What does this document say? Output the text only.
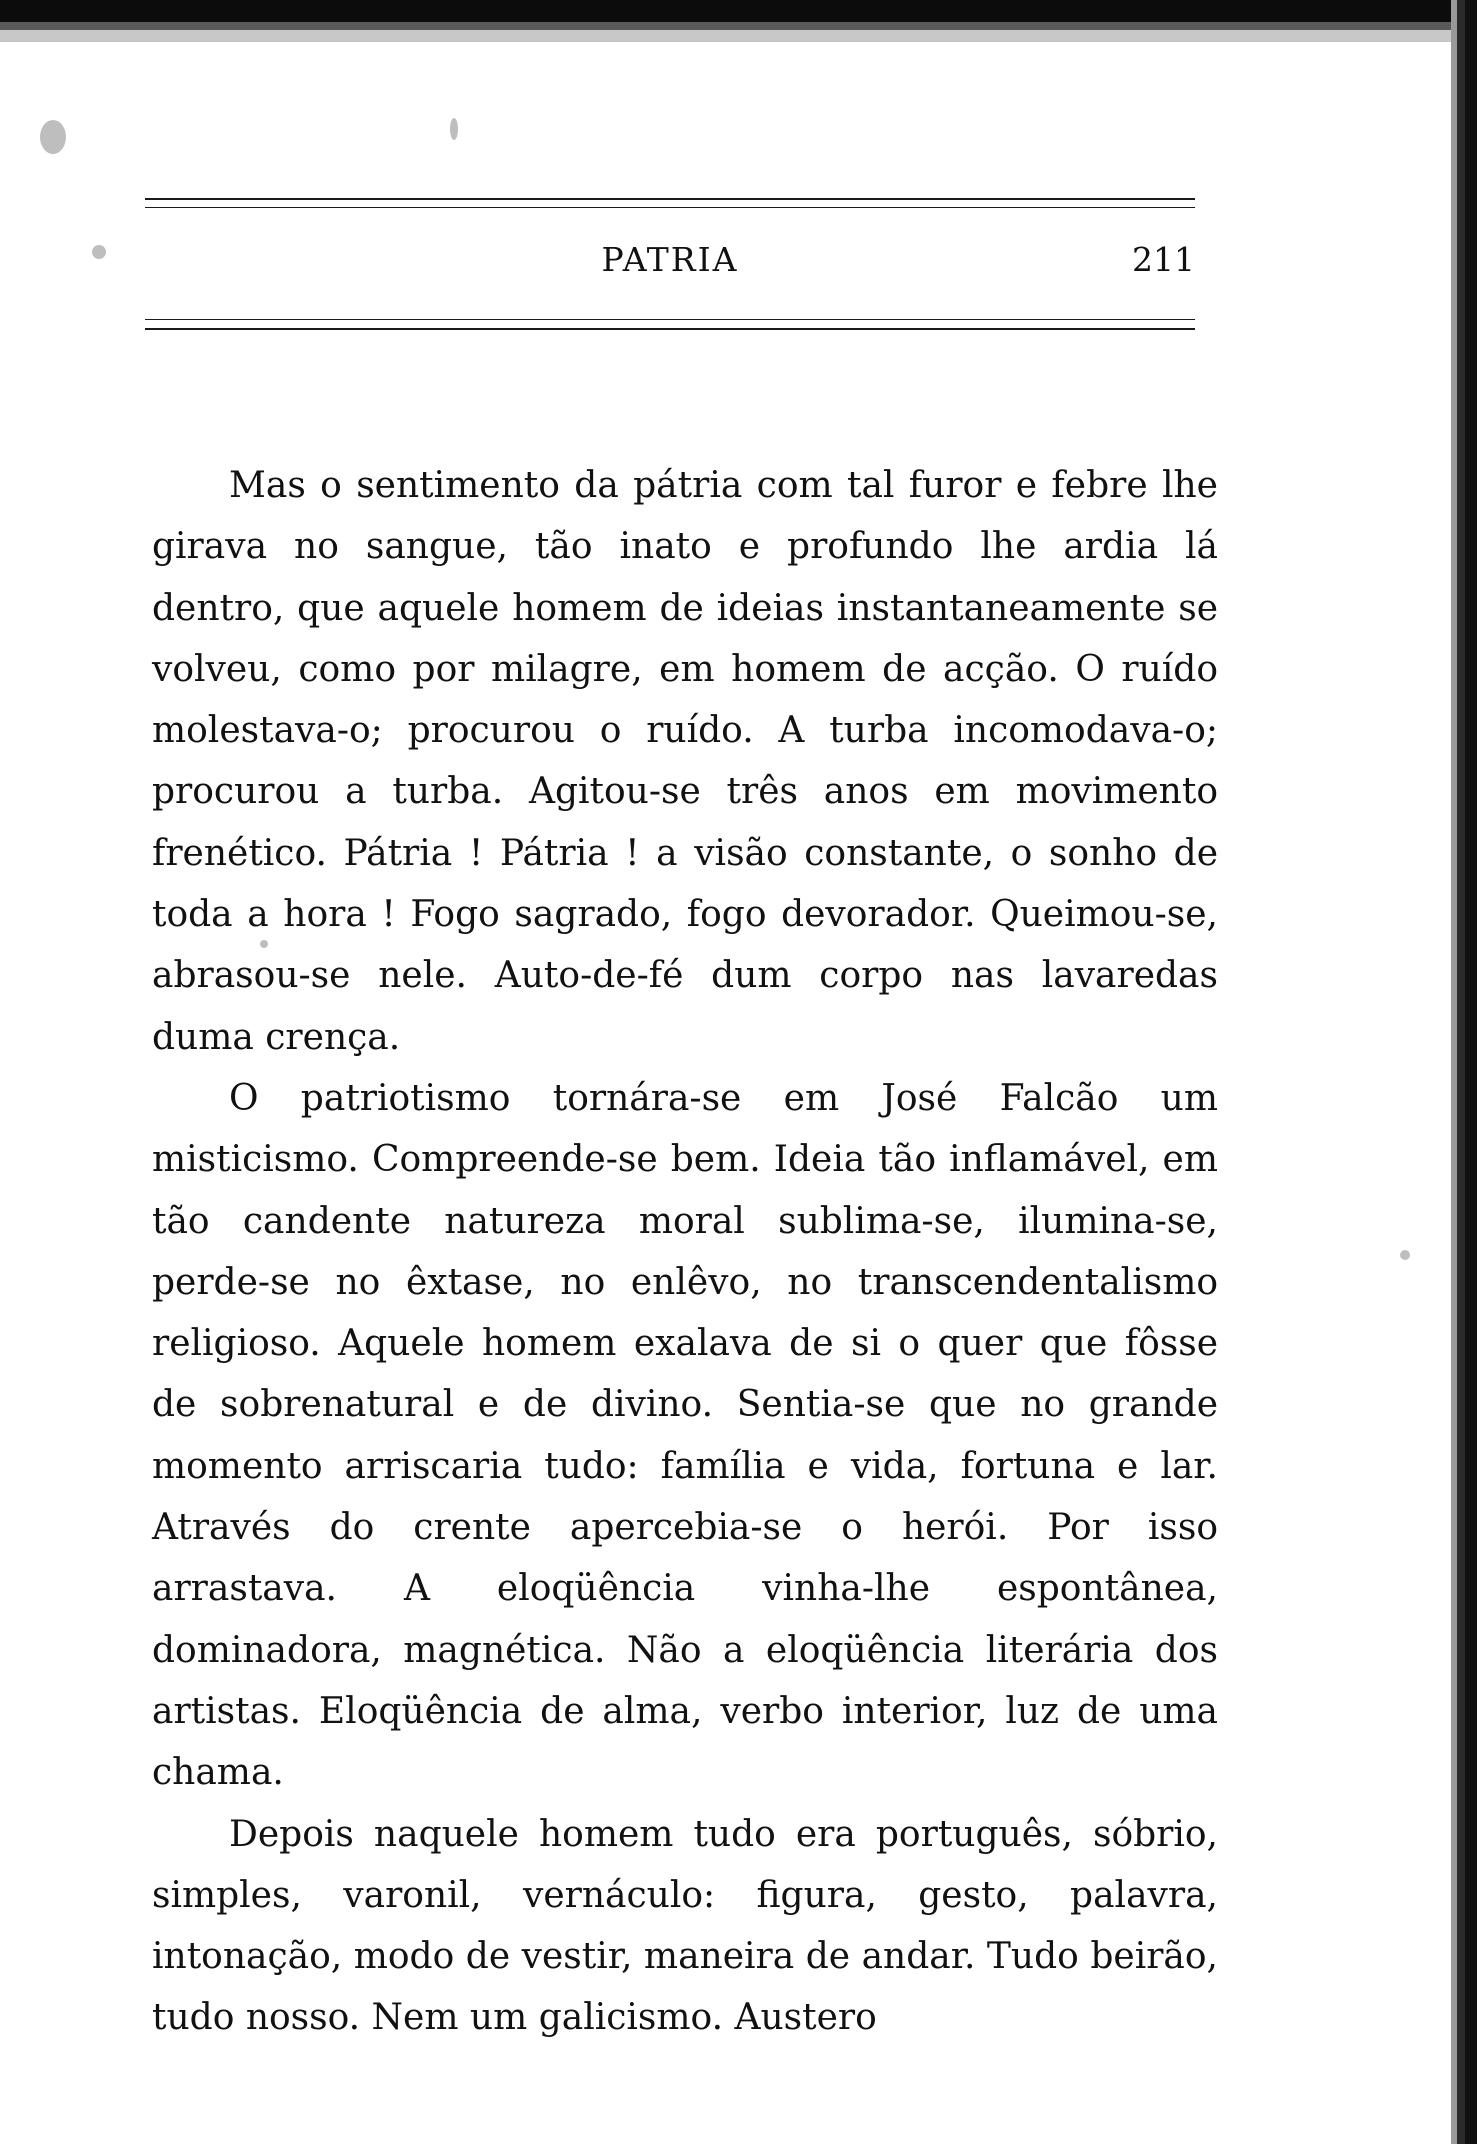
PATRIA	211

Mas o sentimento da pátria com tal furor e febre lhe girava no sangue, tão inato e profundo lhe ardia lá dentro, que aquele homem de ideias instantaneamente se volveu, como por milagre, em homem de acção. O ruído molestava-o; procurou o ruído. A turba incomodava-o; procurou a turba. Agitou-se três anos em movimento frenético. Pátria ! Pátria ! a visão constante, o sonho de toda a hora ! Fogo sagrado, fogo devorador. Queimou-se, abrasou-se nele. Auto-de-fé dum corpo nas lavaredas duma crença.

O patriotismo tornára-se em José Falcão um misticismo. Compreende-se bem. Ideia tão inflamável, em tão candente natureza moral sublima-se, ilumina-se, perde-se no êxtase, no enlêvo, no transcendentalismo religioso. Aquele homem exalava de si o quer que fôsse de sobrenatural e de divino. Sentia-se que no grande momento arriscaria tudo: família e vida, fortuna e lar. Através do crente apercebia-se o herói. Por isso arrastava. A eloqüência vinha-lhe espontânea, dominadora, magnética. Não a eloqüência literária dos artistas. Eloqüência de alma, verbo interior, luz de uma chama.

Depois naquele homem tudo era português, sóbrio, simples, varonil, vernáculo: figura, gesto, palavra, intonação, modo de vestir, maneira de andar. Tudo beirão, tudo nosso. Nem um galicismo. Austero
